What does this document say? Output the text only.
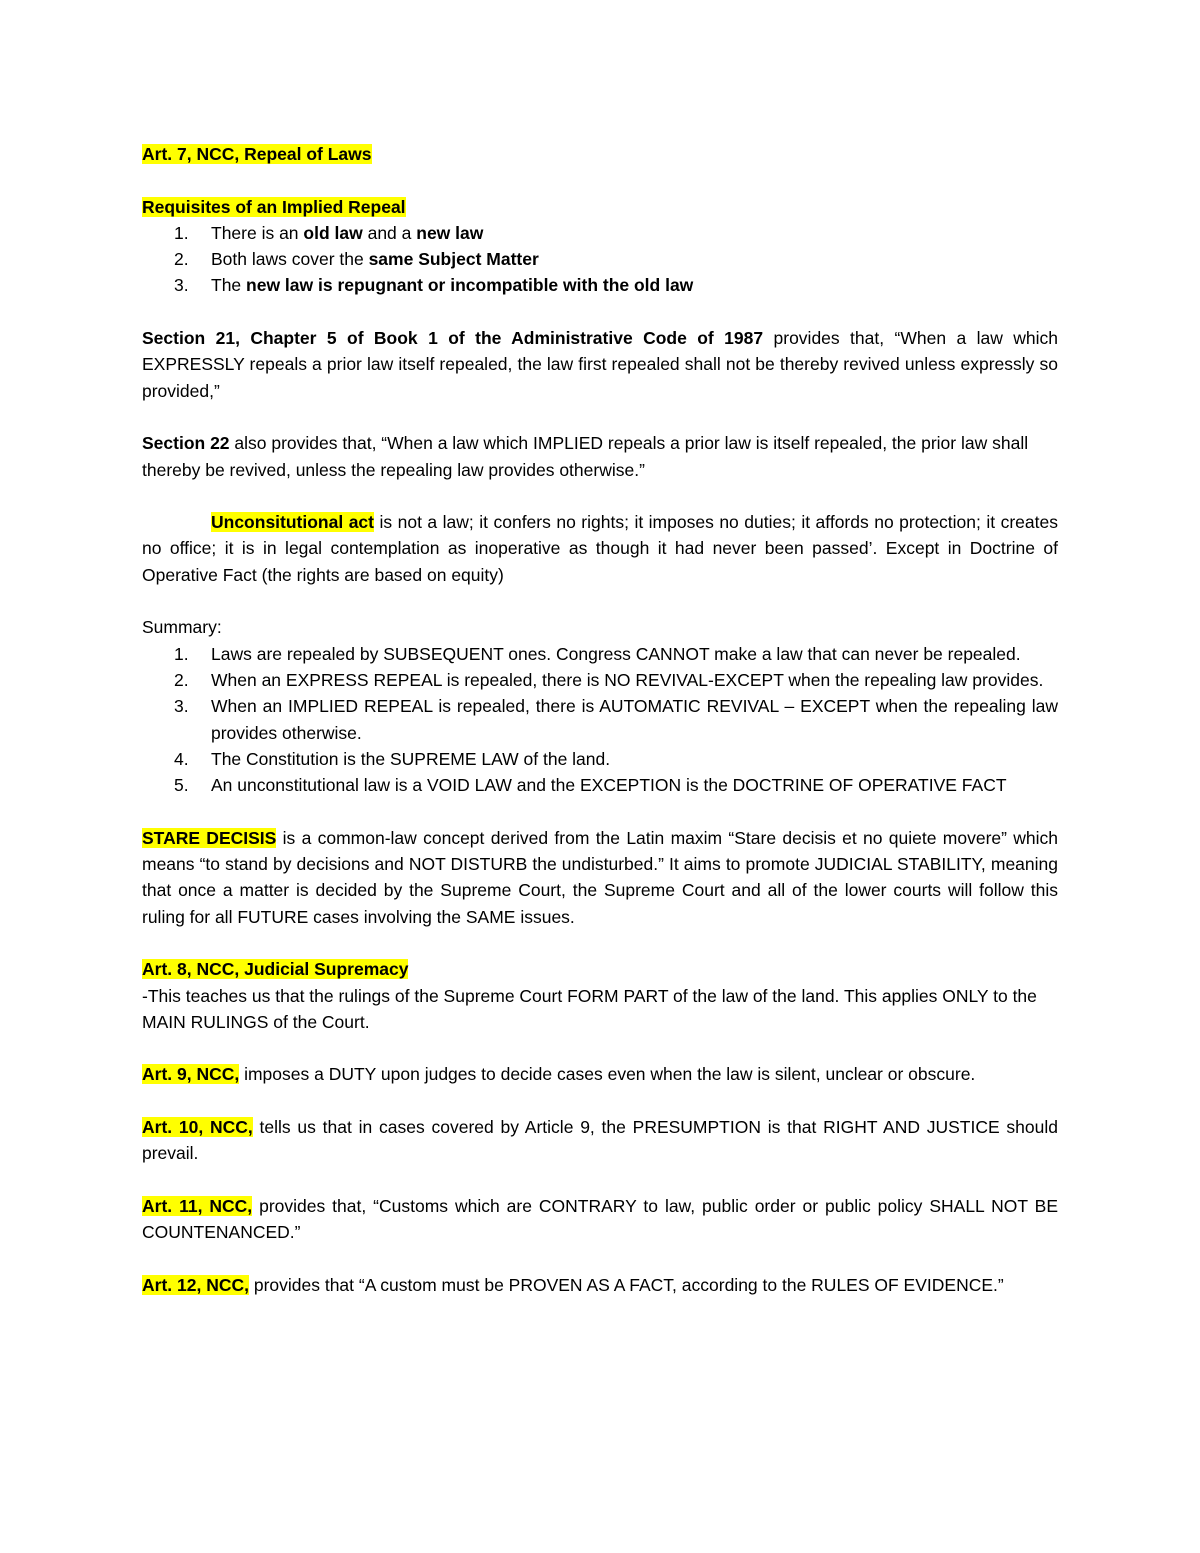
Art. 7, NCC, Repeal of Laws

Requisites of an Implied Repeal

1. There is an old law and a new law
2. Both laws cover the same Subject Matter
3. The new law is repugnant or incompatible with the old law

Section 21, Chapter 5 of Book 1 of the Administrative Code of 1987 provides that, “When a law which EXPRESSLY repeals a prior law itself repealed, the law first repealed shall not be thereby revived unless expressly so provided,”

Section 22 also provides that, “When a law which IMPLIED repeals a prior law is itself repealed, the prior law shall thereby be revived, unless the repealing law provides otherwise.”

Unconsitutional act is not a law; it confers no rights; it imposes no duties; it affords no protection; it creates no office; it is in legal contemplation as inoperative as though it had never been passed’. Except in Doctrine of Operative Fact (the rights are based on equity)

Summary:

1. Laws are repealed by SUBSEQUENT ones. Congress CANNOT make a law that can never be repealed.
2. When an EXPRESS REPEAL is repealed, there is NO REVIVAL-EXCEPT when the repealing law provides.
3. When an IMPLIED REPEAL is repealed, there is AUTOMATIC REVIVAL – EXCEPT when the repealing law provides otherwise.
4. The Constitution is the SUPREME LAW of the land.
5. An unconstitutional law is a VOID LAW and the EXCEPTION is the DOCTRINE OF OPERATIVE FACT

STARE DECISIS is a common-law concept derived from the Latin maxim “Stare decisis et no quiete movere” which means “to stand by decisions and NOT DISTURB the undisturbed.” It aims to promote JUDICIAL STABILITY, meaning that once a matter is decided by the Supreme Court, the Supreme Court and all of the lower courts will follow this ruling for all FUTURE cases involving the SAME issues.

Art. 8, NCC, Judicial Supremacy

-This teaches us that the rulings of the Supreme Court FORM PART of the law of the land. This applies ONLY to the MAIN RULINGS of the Court.

Art. 9, NCC, imposes a DUTY upon judges to decide cases even when the law is silent, unclear or obscure.

Art. 10, NCC, tells us that in cases covered by Article 9, the PRESUMPTION is that RIGHT AND JUSTICE should prevail.

Art. 11, NCC, provides that, “Customs which are CONTRARY to law, public order or public policy SHALL NOT BE COUNTENANCED.”

Art. 12, NCC, provides that “A custom must be PROVEN AS A FACT, according to the RULES OF EVIDENCE.”
